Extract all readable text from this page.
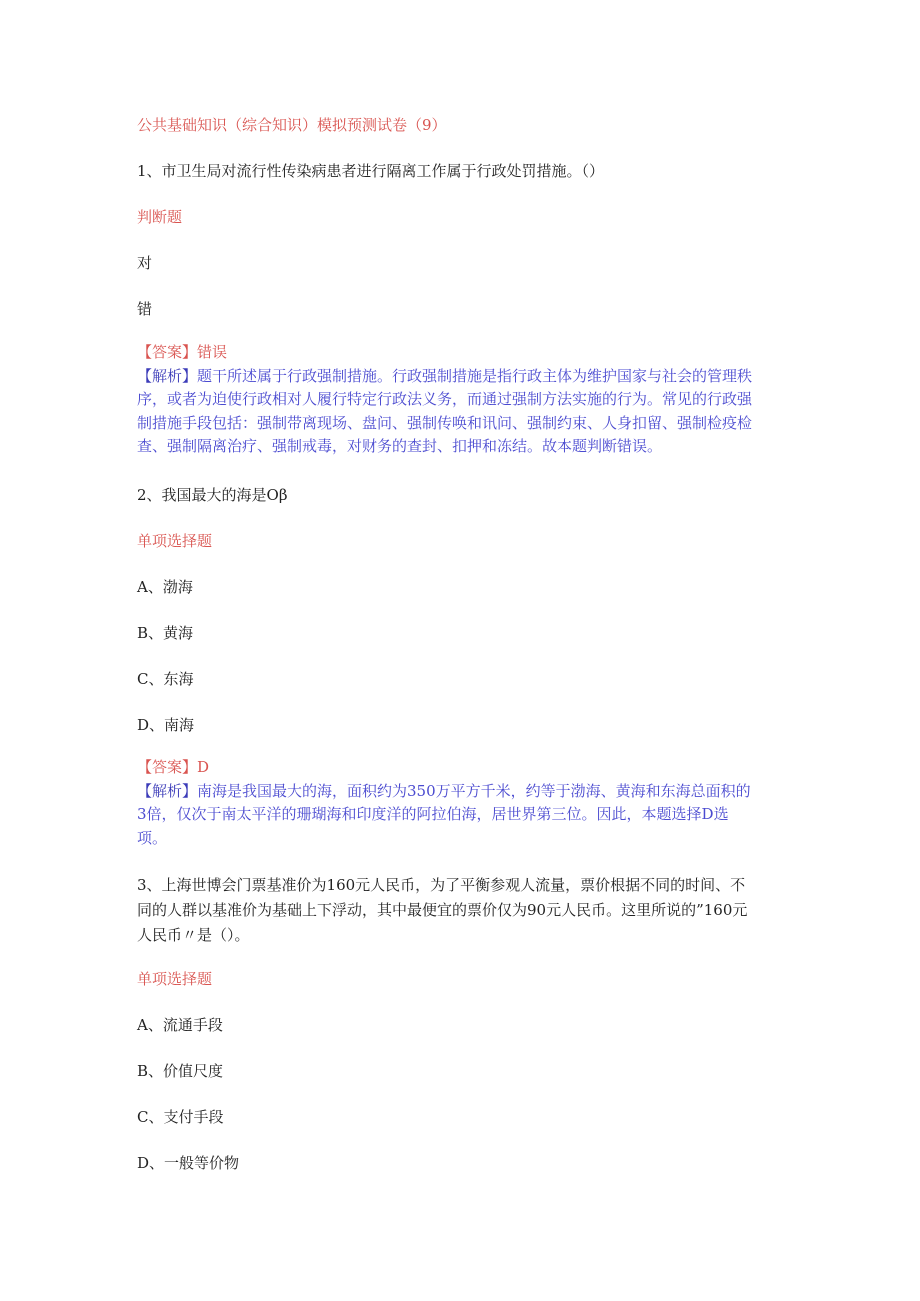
公共基础知识（综合知识）模拟预测试卷（9）
1、市卫生局对流行性传染病患者进行隔离工作属于行政处罚措施。（）
判断题
对
错
【答案】错误
【解析】题干所述属于行政强制措施。行政强制措施是指行政主体为维护国家与社会的管理秩
序，或者为迫使行政相对人履行特定行政法义务，而通过强制方法实施的行为。常见的行政强
制措施手段包括：强制带离现场、盘问、强制传唤和讯问、强制约束、人身扣留、强制检疫检
查、强制隔离治疗、强制戒毒，对财务的查封、扣押和冻结。故本题判断错误。
2、我国最大的海是Oβ
单项选择题
A、渤海
B、黄海
C、东海
D、南海
【答案】D
【解析】南海是我国最大的海，面积约为350万平方千米，约等于渤海、黄海和东海总面积的
3倍，仅次于南太平洋的珊瑚海和印度洋的阿拉伯海，居世界第三位。因此，本题选择D选
项。
3、上海世博会门票基准价为160元人民币，为了平衡参观人流量，票价根据不同的时间、不
同的人群以基准价为基础上下浮动，其中最便宜的票价仅为90元人民币。这里所说的”160元
人民币〃是（）。
单项选择题
A、流通手段
B、价值尺度
C、支付手段
D、一般等价物
